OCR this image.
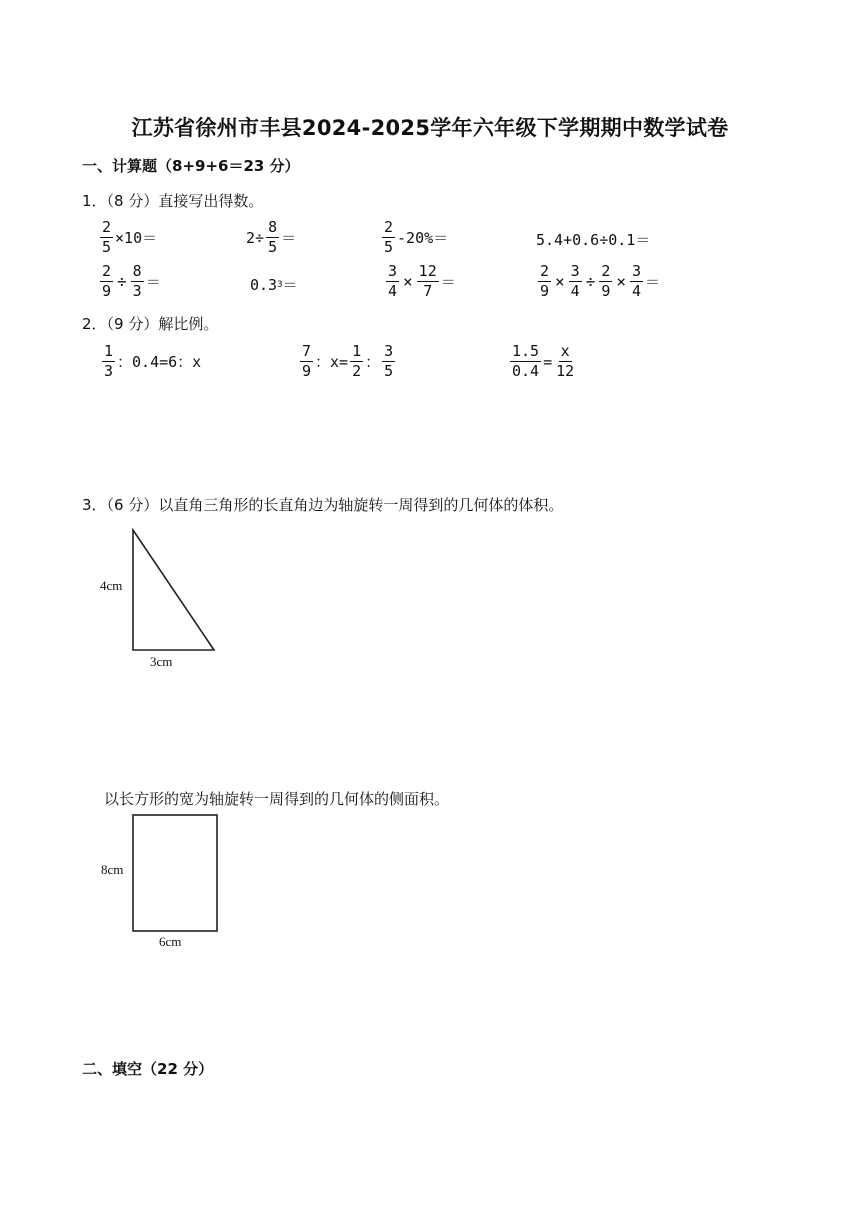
江苏省徐州市丰县2024-2025学年六年级下学期期中数学试卷
一、计算题（8+9+6＝23 分）
1．（8 分）直接写出得数。
$\frac{2}{5} \times 10=$	$2\div \frac{8}{5}$ ＝	$\frac{2}{5} -20\%=$	5.4+0.6÷0.1＝
$\frac{2}{9} \div \frac{8}{3}$ ＝	0.3 3 ＝	$\frac{3}{4} \times \frac{12}{7}$ ＝	$\frac{2}{9} \times \frac{3}{4} \div \frac{2}{9} \times \frac{3}{4}$ ＝
2．（9 分）解比例。
$\frac{1}{3}$ ：0.4=6：x	$\frac{7}{9}$ ：$x= \frac{1}{2}$ ： $\frac{3}{5}$	$\frac{1.5}{0.4} = \frac{x}{12}$
3．（6 分）以直角三角形的长直角边为轴旋转一周得到的几何体的体积。
4cm
3cm
以长方形的宽为轴旋转一周得到的几何体的侧面积。
8cm
6cm
二、填空（22 分）
